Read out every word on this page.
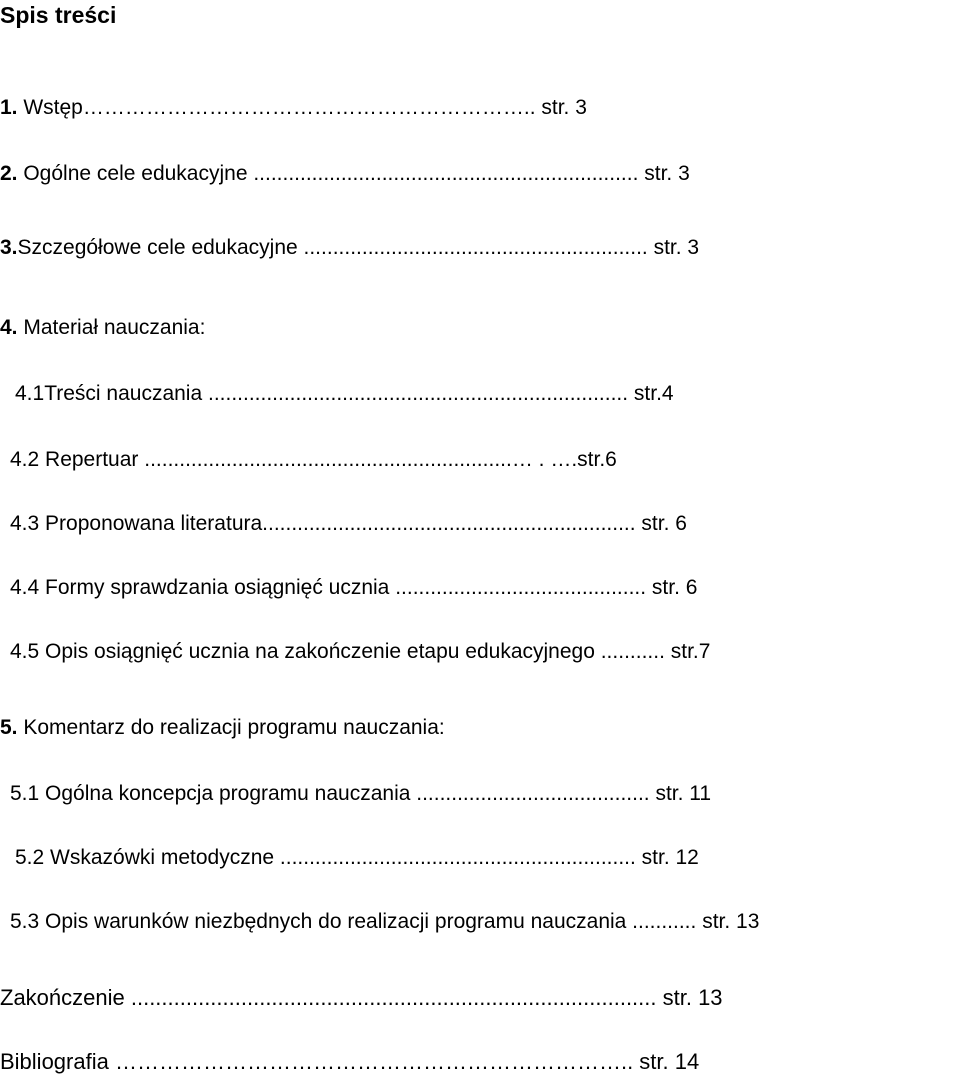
Spis treści
1. Wstęp……………………………………………………….. str. 3
2. Ogólne cele edukacyjne .................................................................. str. 3
3.Szczegółowe cele edukacyjne ........................................................... str. 3
4. Materiał nauczania:
4.1Treści nauczania ........................................................................ str.4
4.2 Repertuar ...............................................................… . ….str.6
4.3 Proponowana literatura................................................................ str. 6
4.4 Formy sprawdzania osiągnięć ucznia ........................................... str. 6
4.5 Opis osiągnięć ucznia na zakończenie etapu edukacyjnego ........... str.7
5. Komentarz do realizacji programu nauczania:
5.1 Ogólna koncepcja programu nauczania ........................................ str. 11
5.2 Wskazówki metodyczne ............................................................. str. 12
5.3 Opis warunków niezbędnych do realizacji programu nauczania ........... str. 13
Zakończenie ...................................................................................... str. 13
Bibliografia …………………………………………………………….. str. 14
